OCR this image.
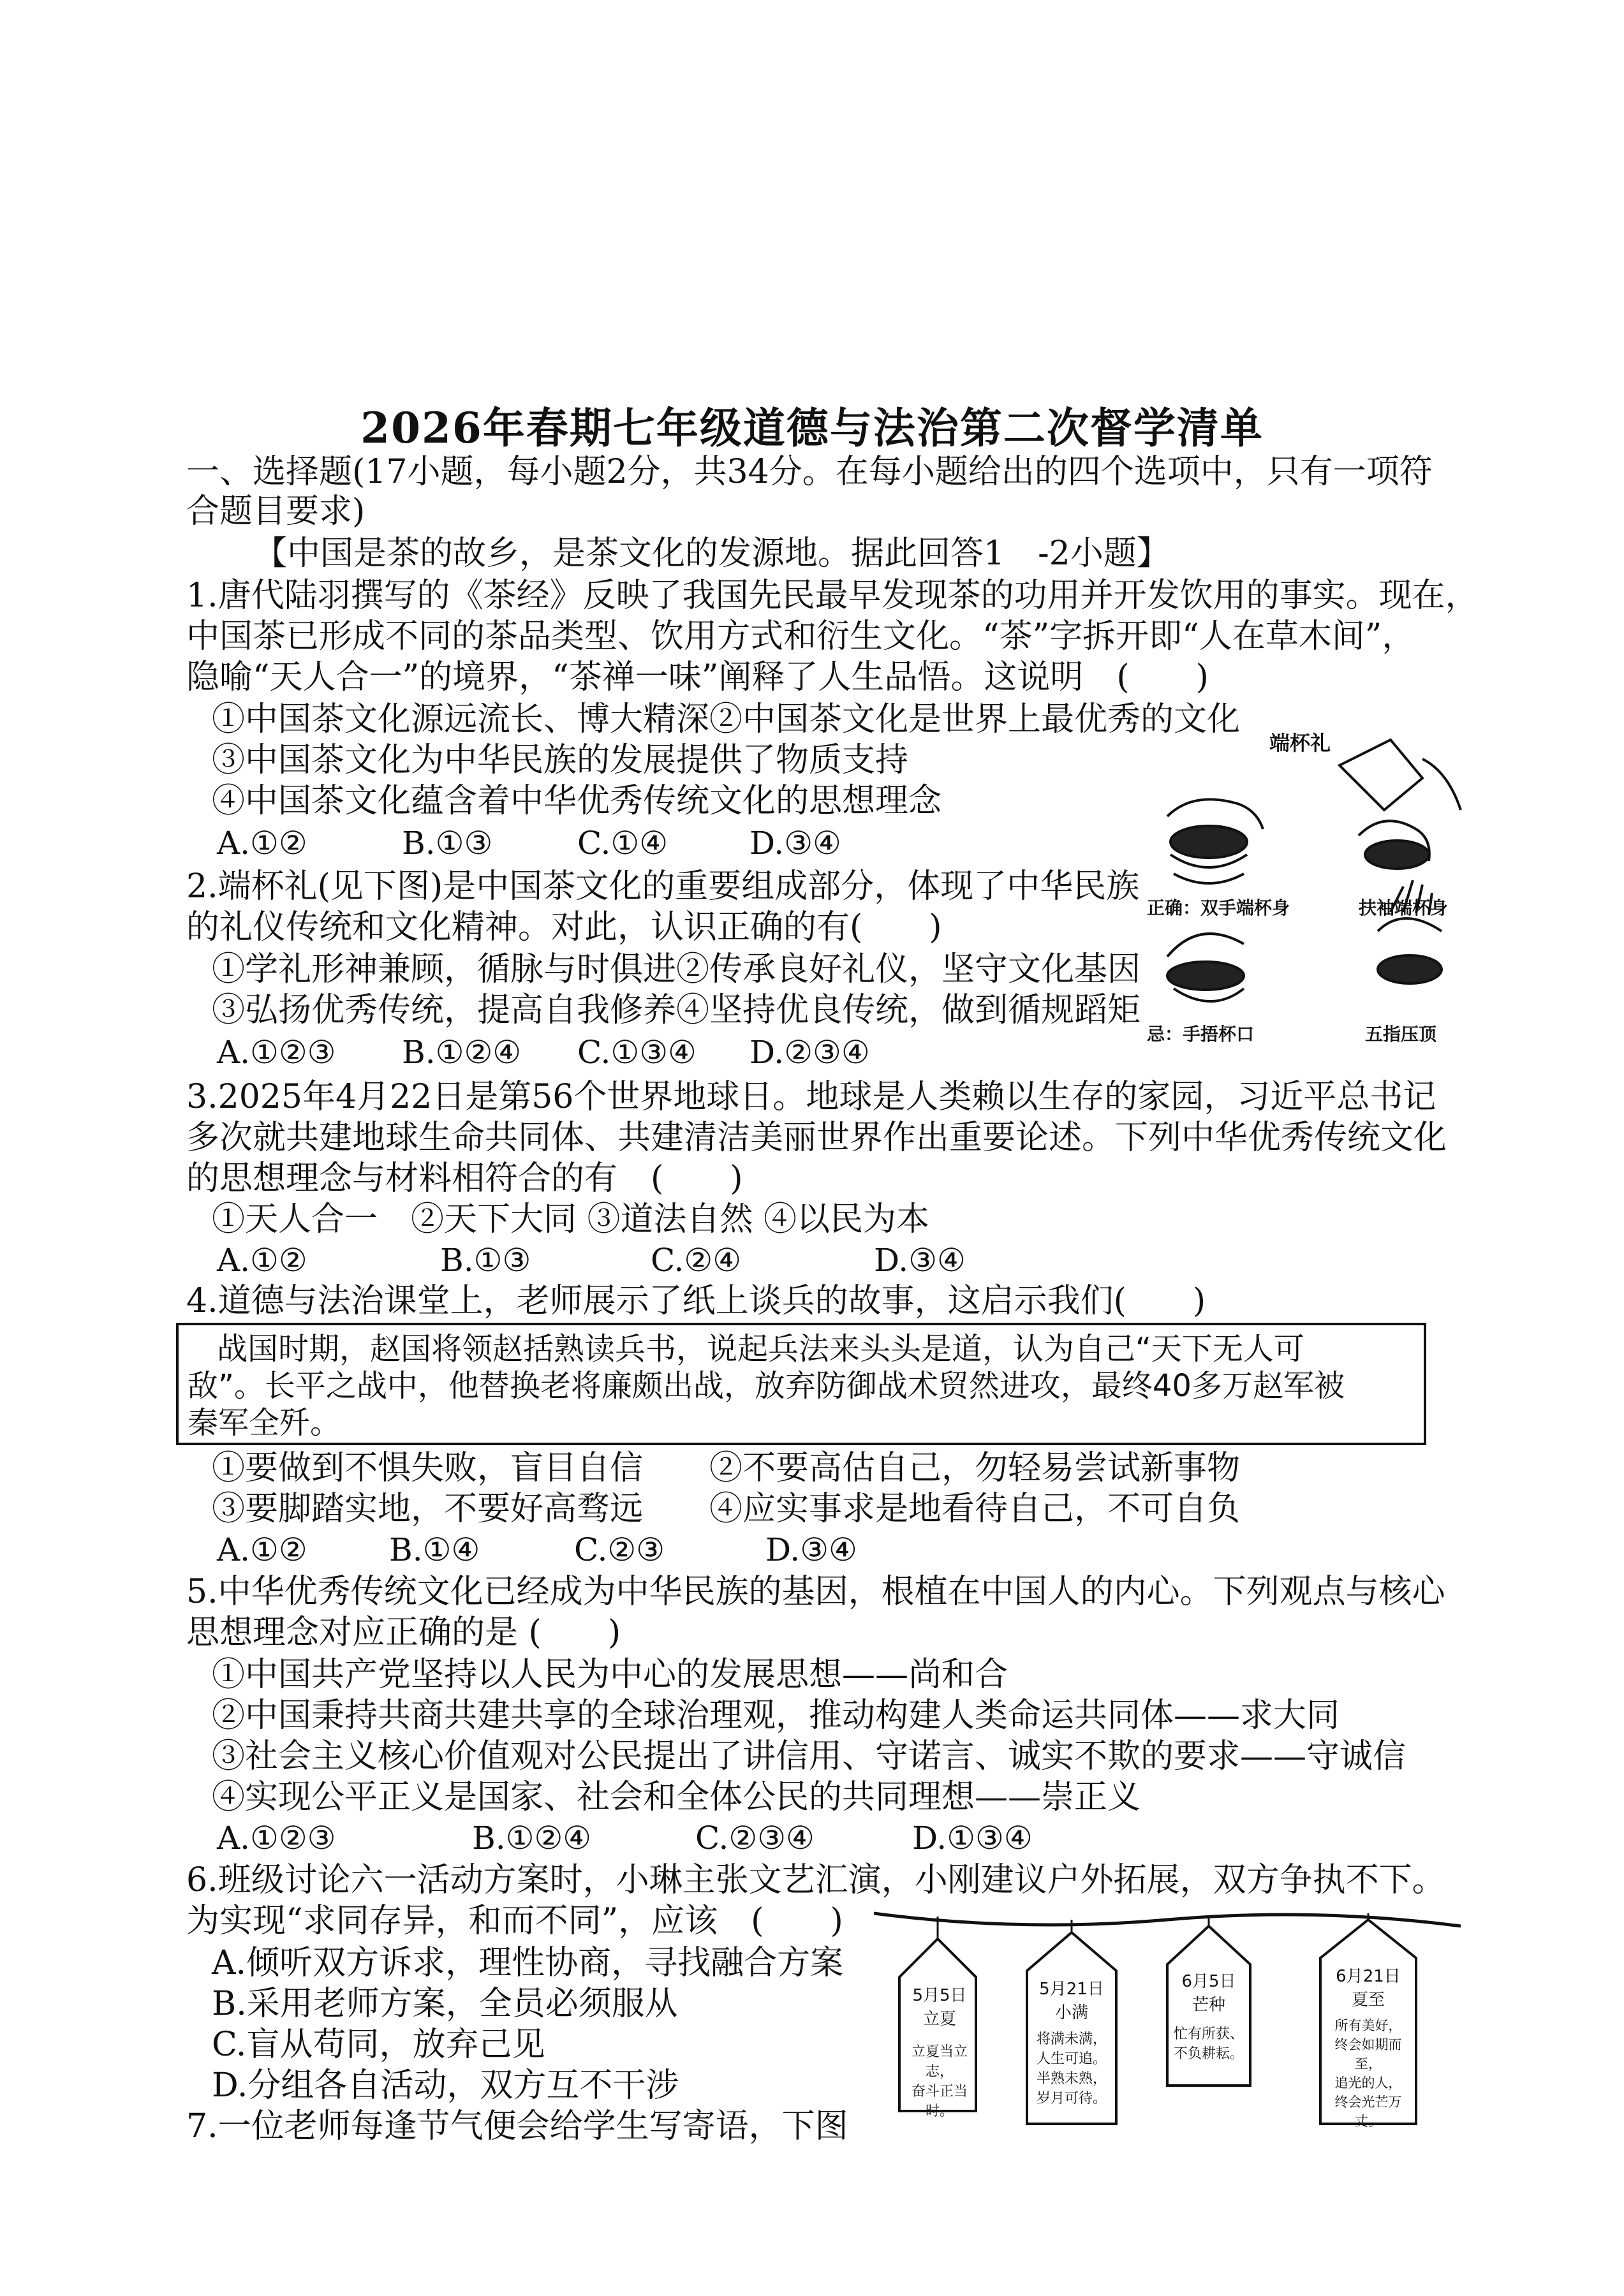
2026年春期七年级道德与法治第二次督学清单
一、选择题(17小题，每小题2分，共34分。在每小题给出的四个选项中，只有一项符
合题目要求)
【中国是茶的故乡，是茶文化的发源地。据此回答1　-2小题】
1.唐代陆羽撰写的《茶经》反映了我国先民最早发现茶的功用并开发饮用的事实。现在，
中国茶已形成不同的茶品类型、饮用方式和衍生文化。“茶”字拆开即“人在草木间”，
隐喻“天人合一”的境界，“茶禅一味”阐释了人生品悟。这说明　(　　)
①中国茶文化源远流长、博大精深②中国茶文化是世界上最优秀的文化
③中国茶文化为中华民族的发展提供了物质支持
④中国茶文化蕴含着中华优秀传统文化的思想理念
A.①②	B.①③	C.①④	D.③④
2.端杯礼(见下图)是中国茶文化的重要组成部分，体现了中华民族
的礼仪传统和文化精神。对此，认识正确的有(　　)
①学礼形神兼顾，循脉与时俱进②传承良好礼仪，坚守文化基因
③弘扬优秀传统，提高自我修养④坚持优良传统，做到循规蹈矩
A.①②③ B.①②④ C.①③④ D.②③④
端杯礼
正确：双手端杯身	扶袖端杯身
忌：手捂杯口	五指压顶
3.2025年4月22日是第56个世界地球日。地球是人类赖以生存的家园，习近平总书记
多次就共建地球生命共同体、共建清洁美丽世界作出重要论述。下列中华优秀传统文化
的思想理念与材料相符合的有　(　　)
①天人合一　②天下大同 ③道法自然 ④以民为本
A.①②	B.①③	C.②④	D.③④
4.道德与法治课堂上，老师展示了纸上谈兵的故事，这启示我们(　　)
战国时期，赵国将领赵括熟读兵书，说起兵法来头头是道，认为自己“天下无人可
敌”。长平之战中，他替换老将廉颇出战，放弃防御战术贸然进攻，最终40多万赵军被
秦军全歼。
①要做到不惧失败，盲目自信　　②不要高估自己，勿轻易尝试新事物
③要脚踏实地，不要好高骛远　　④应实事求是地看待自己，不可自负
A.①②	B.①④	C.②③	D.③④
5.中华优秀传统文化已经成为中华民族的基因，根植在中国人的内心。下列观点与核心
思想理念对应正确的是 (　　)
①中国共产党坚持以人民为中心的发展思想——尚和合
②中国秉持共商共建共享的全球治理观，推动构建人类命运共同体——求大同
③社会主义核心价值观对公民提出了讲信用、守诺言、诚实不欺的要求——守诚信
④实现公平正义是国家、社会和全体公民的共同理想——崇正义
A.①②③	B.①②④	C.②③④	D.①③④
6.班级讨论六一活动方案时，小琳主张文艺汇演，小刚建议户外拓展，双方争执不下。
为实现“求同存异，和而不同”，应该　(　　)
A.倾听双方诉求，理性协商，寻找融合方案
B.采用老师方案，全员必须服从
C.盲从苟同，放弃己见
D.分组各自活动，双方互不干涉
7.一位老师每逢节气便会给学生写寄语，下图
5月5日
立夏
立夏当立志，
奋斗正当时。
5月21日
小满
将满未满，
人生可追。
半熟未熟，
岁月可待。
6月5日
芒种
忙有所获、
不负耕耘。
6月21日
夏至
所有美好，
终会如期而至，
追光的人，
终会光芒万丈。
